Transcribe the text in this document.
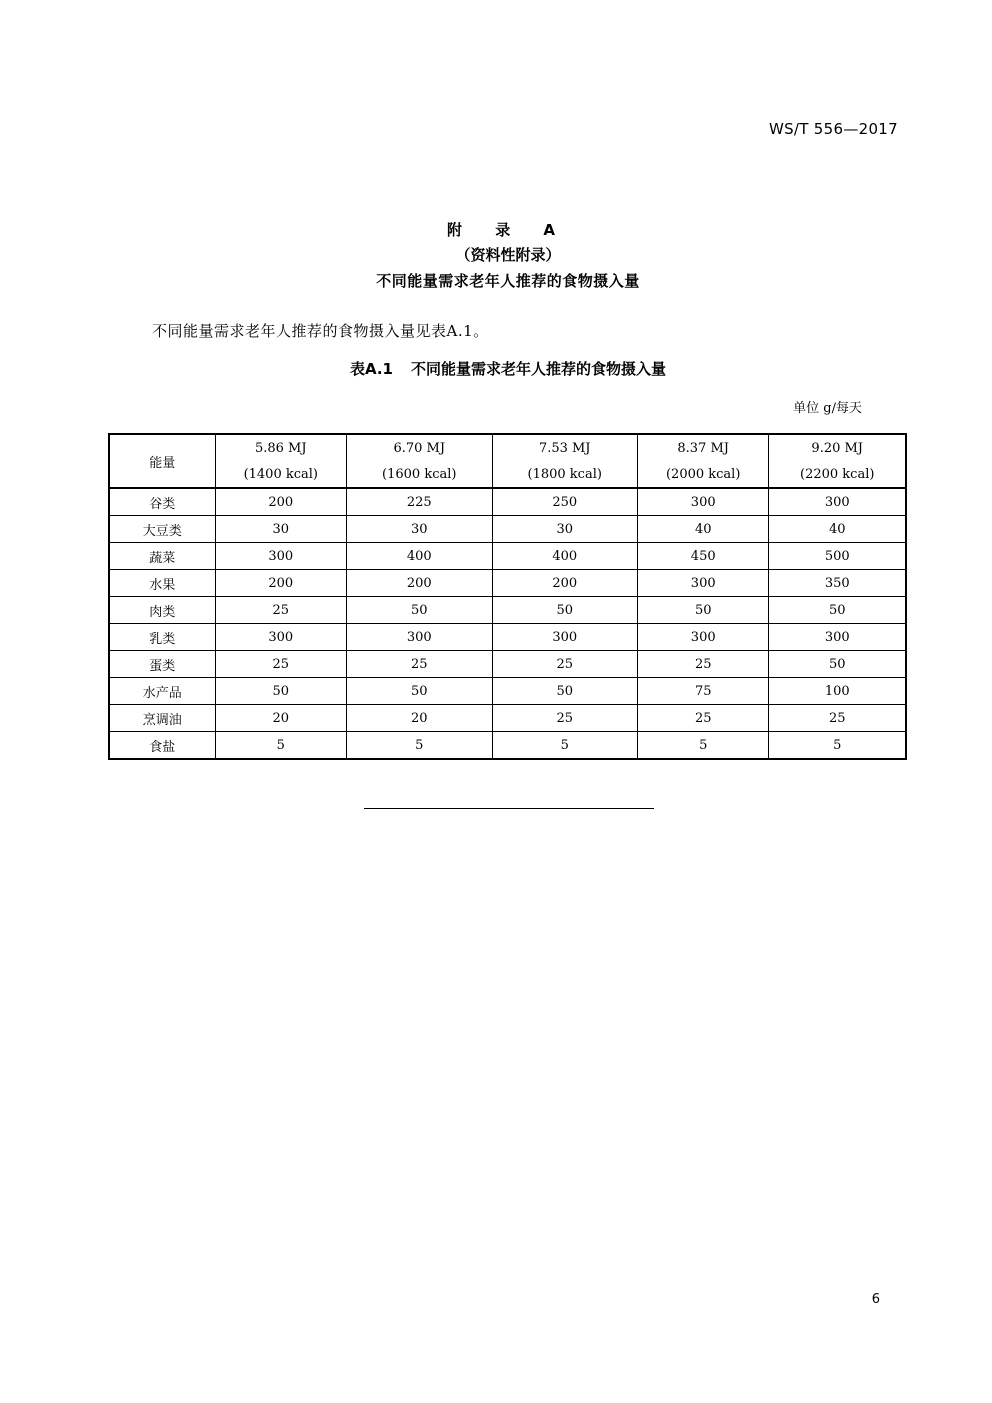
WS/T 556—2017
附 录 A
（资料性附录）
不同能量需求老年人推荐的食物摄入量
不同能量需求老年人推荐的食物摄入量见表A.1。
表A.1 不同能量需求老年人推荐的食物摄入量
单位 g/每天
能量	5.86 MJ	6.70 MJ	7.53 MJ	8.37 MJ	9.20 MJ
	(1400 kcal)	(1600 kcal)	(1800 kcal)	(2000 kcal)	(2200 kcal)
谷类	200	225	250	300	300
大豆类	30	30	30	40	40
蔬菜	300	400	400	450	500
水果	200	200	200	300	350
肉类	25	50	50	50	50
乳类	300	300	300	300	300
蛋类	25	25	25	25	50
水产品	50	50	50	75	100
烹调油	20	20	25	25	25
食盐	5	5	5	5	5
6
